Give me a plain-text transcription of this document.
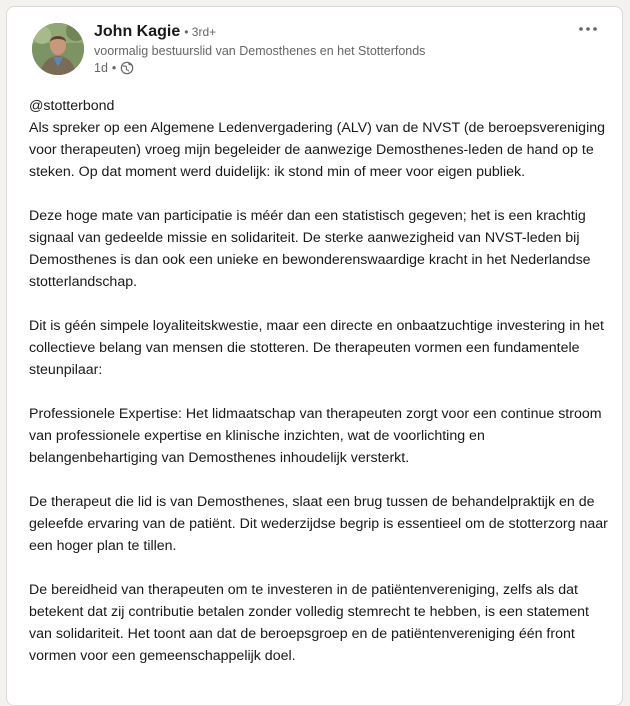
John Kagie • 3rd+
voormalig bestuurslid van Demosthenes en het Stotterfonds
1d •

@stotterbond
Als spreker op een Algemene Ledenvergadering (ALV) van de NVST (de beroepsvereniging voor therapeuten) vroeg mijn begeleider de aanwezige Demosthenes-leden de hand op te steken. Op dat moment werd duidelijk: ik stond min of meer voor eigen publiek.

Deze hoge mate van participatie is méér dan een statistisch gegeven; het is een krachtig signaal van gedeelde missie en solidariteit. De sterke aanwezigheid van NVST-leden bij Demosthenes is dan ook een unieke en bewonderenswaardige kracht in het Nederlandse stotterlandschap.

Dit is géén simpele loyaliteitskwestie, maar een directe en onbaatzuchtige investering in het collectieve belang van mensen die stotteren. De therapeuten vormen een fundamentele steunpilaar:

Professionele Expertise: Het lidmaatschap van therapeuten zorgt voor een continue stroom van professionele expertise en klinische inzichten, wat de voorlichting en belangenbehartiging van Demosthenes inhoudelijk versterkt.

De therapeut die lid is van Demosthenes, slaat een brug tussen de behandelpraktijk en de geleefde ervaring van de patiënt. Dit wederzijdse begrip is essentieel om de stotterzorg naar een hoger plan te tillen.

De bereidheid van therapeuten om te investeren in de patiëntenvereniging, zelfs als dat betekent dat zij contributie betalen zonder volledig stemrecht te hebben, is een statement van solidariteit. Het toont aan dat de beroepsgroep en de patiëntenvereniging één front vormen voor een gemeenschappelijk doel.
